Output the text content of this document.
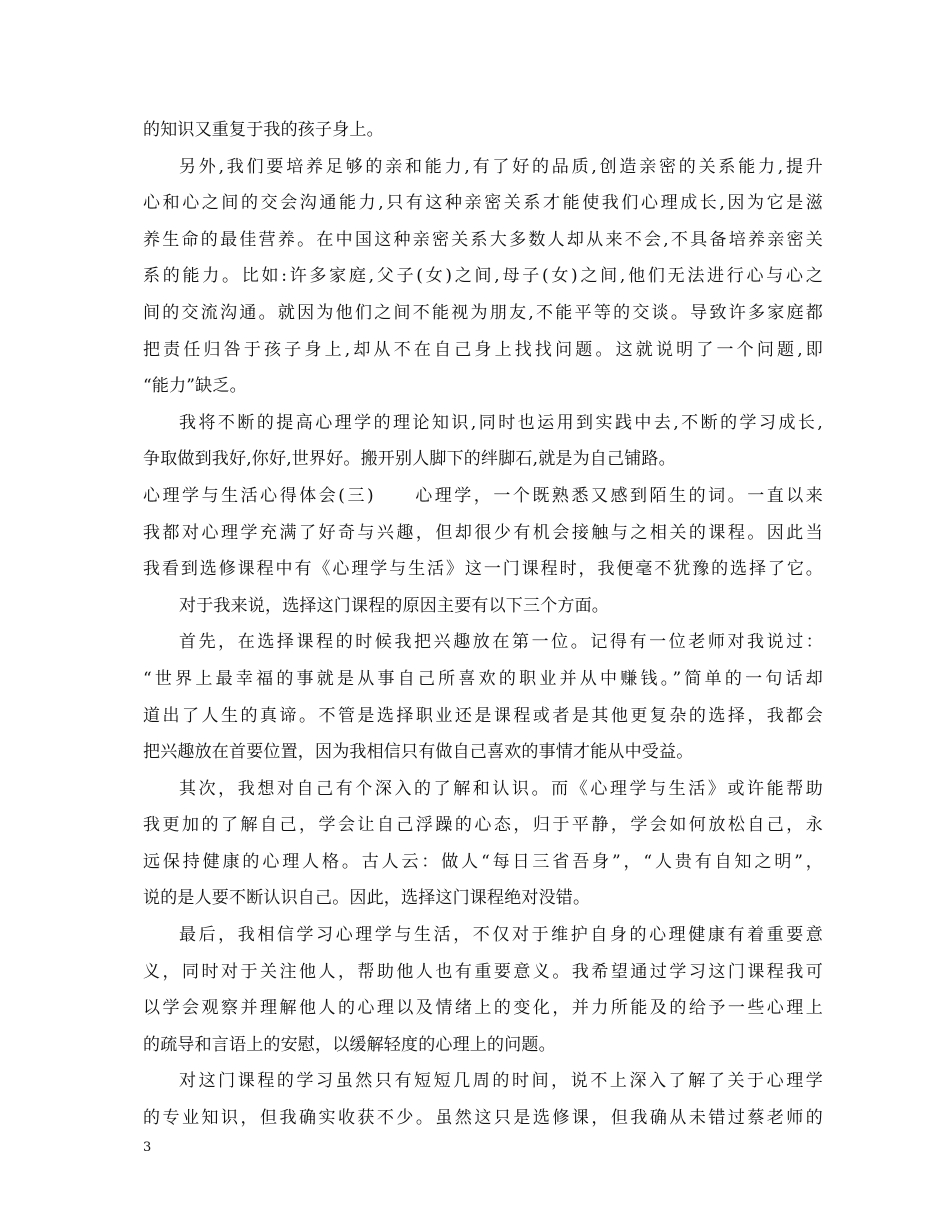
的知识又重复于我的孩子身上。
另外,我们要培养足够的亲和能力,有了好的品质,创造亲密的关系能力,提升
心和心之间的交会沟通能力,只有这种亲密关系才能使我们心理成长,因为它是滋
养生命的最佳营养。在中国这种亲密关系大多数人却从来不会,不具备培养亲密关
系的能力。比如:许多家庭,父子(女)之间,母子(女)之间,他们无法进行心与心之
间的交流沟通。就因为他们之间不能视为朋友,不能平等的交谈。导致许多家庭都
把责任归咎于孩子身上,却从不在自己身上找找问题。这就说明了一个问题,即
“能力”缺乏。
我将不断的提高心理学的理论知识,同时也运用到实践中去,不断的学习成长,
争取做到我好,你好,世界好。搬开别人脚下的绊脚石,就是为自己铺路。
心理学与生活心得体会(三)　　心理学，一个既熟悉又感到陌生的词。一直以来
我都对心理学充满了好奇与兴趣，但却很少有机会接触与之相关的课程。因此当
我看到选修课程中有《心理学与生活》这一门课程时，我便毫不犹豫的选择了它。
对于我来说，选择这门课程的原因主要有以下三个方面。
首先，在选择课程的时候我把兴趣放在第一位。记得有一位老师对我说过：
“世界上最幸福的事就是从事自己所喜欢的职业并从中赚钱。”简单的一句话却
道出了人生的真谛。不管是选择职业还是课程或者是其他更复杂的选择，我都会
把兴趣放在首要位置，因为我相信只有做自己喜欢的事情才能从中受益。
其次，我想对自己有个深入的了解和认识。而《心理学与生活》或许能帮助
我更加的了解自己，学会让自己浮躁的心态，归于平静，学会如何放松自己，永
远保持健康的心理人格。古人云：做人“每日三省吾身”，“人贵有自知之明”，
说的是人要不断认识自己。因此，选择这门课程绝对没错。
最后，我相信学习心理学与生活，不仅对于维护自身的心理健康有着重要意
义，同时对于关注他人，帮助他人也有重要意义。我希望通过学习这门课程我可
以学会观察并理解他人的心理以及情绪上的变化，并力所能及的给予一些心理上
的疏导和言语上的安慰，以缓解轻度的心理上的问题。
对这门课程的学习虽然只有短短几周的时间，说不上深入了解了关于心理学
的专业知识，但我确实收获不少。虽然这只是选修课，但我确从未错过蔡老师的
3
